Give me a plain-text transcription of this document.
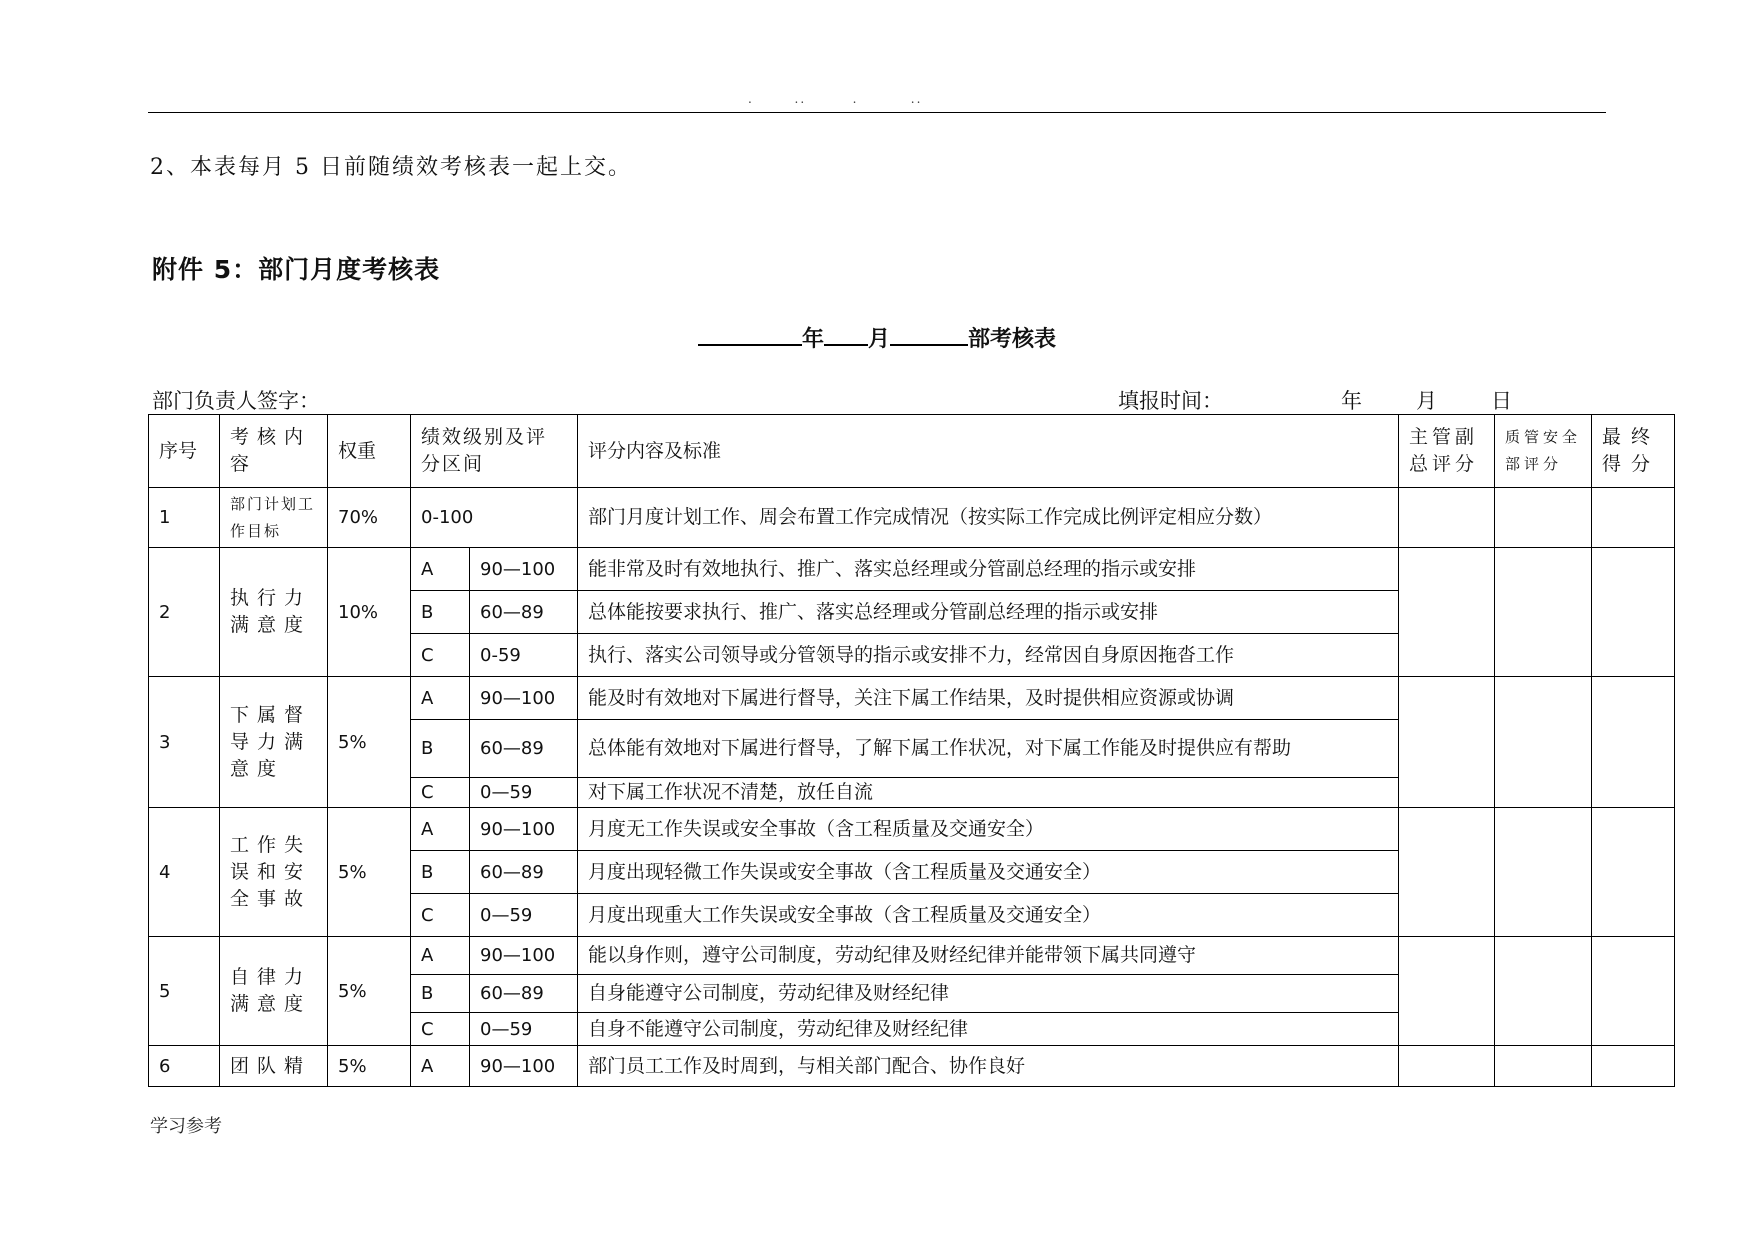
.       ..        .         ..
2、本表每月 5 日前随绩效考核表一起上交。
附件 5：部门月度考核表
年 月	部考核表
部门负责人签字：	填报时间：	年	月	日
序号	考核内容	权重	绩效级别及评分区间		评分内容及标准	主管副总评分	质管安全部评分	最终得分
1	部门计划工作目标	70%	0-100		部门月度计划工作、周会布置工作完成情况（按实际工作完成比例评定相应分数）			
2	执行力满意度	10%	A	90—100	能非常及时有效地执行、推广、落实总经理或分管副总经理的指示或安排			
			B	60—89	总体能按要求执行、推广、落实总经理或分管副总经理的指示或安排			
			C	0-59	执行、落实公司领导或分管领导的指示或安排不力，经常因自身原因拖沓工作			
3	下属督导力满意度	5%	A	90—100	能及时有效地对下属进行督导，关注下属工作结果，及时提供相应资源或协调			
			B	60—89	总体能有效地对下属进行督导，了解下属工作状况，对下属工作能及时提供应有帮助			
			C	0—59	对下属工作状况不清楚，放任自流			
4	工作失误和安全事故	5%	A	90—100	月度无工作失误或安全事故（含工程质量及交通安全）			
			B	60—89	月度出现轻微工作失误或安全事故（含工程质量及交通安全）			
			C	0—59	月度出现重大工作失误或安全事故（含工程质量及交通安全）			
5	自律力满意度	5%	A	90—100	能以身作则，遵守公司制度，劳动纪律及财经纪律并能带领下属共同遵守			
			B	60—89	自身能遵守公司制度，劳动纪律及财经纪律			
			C	0—59	自身不能遵守公司制度，劳动纪律及财经纪律			
6	团队精	5%	A	90—100	部门员工工作及时周到，与相关部门配合、协作良好			
学习参考
